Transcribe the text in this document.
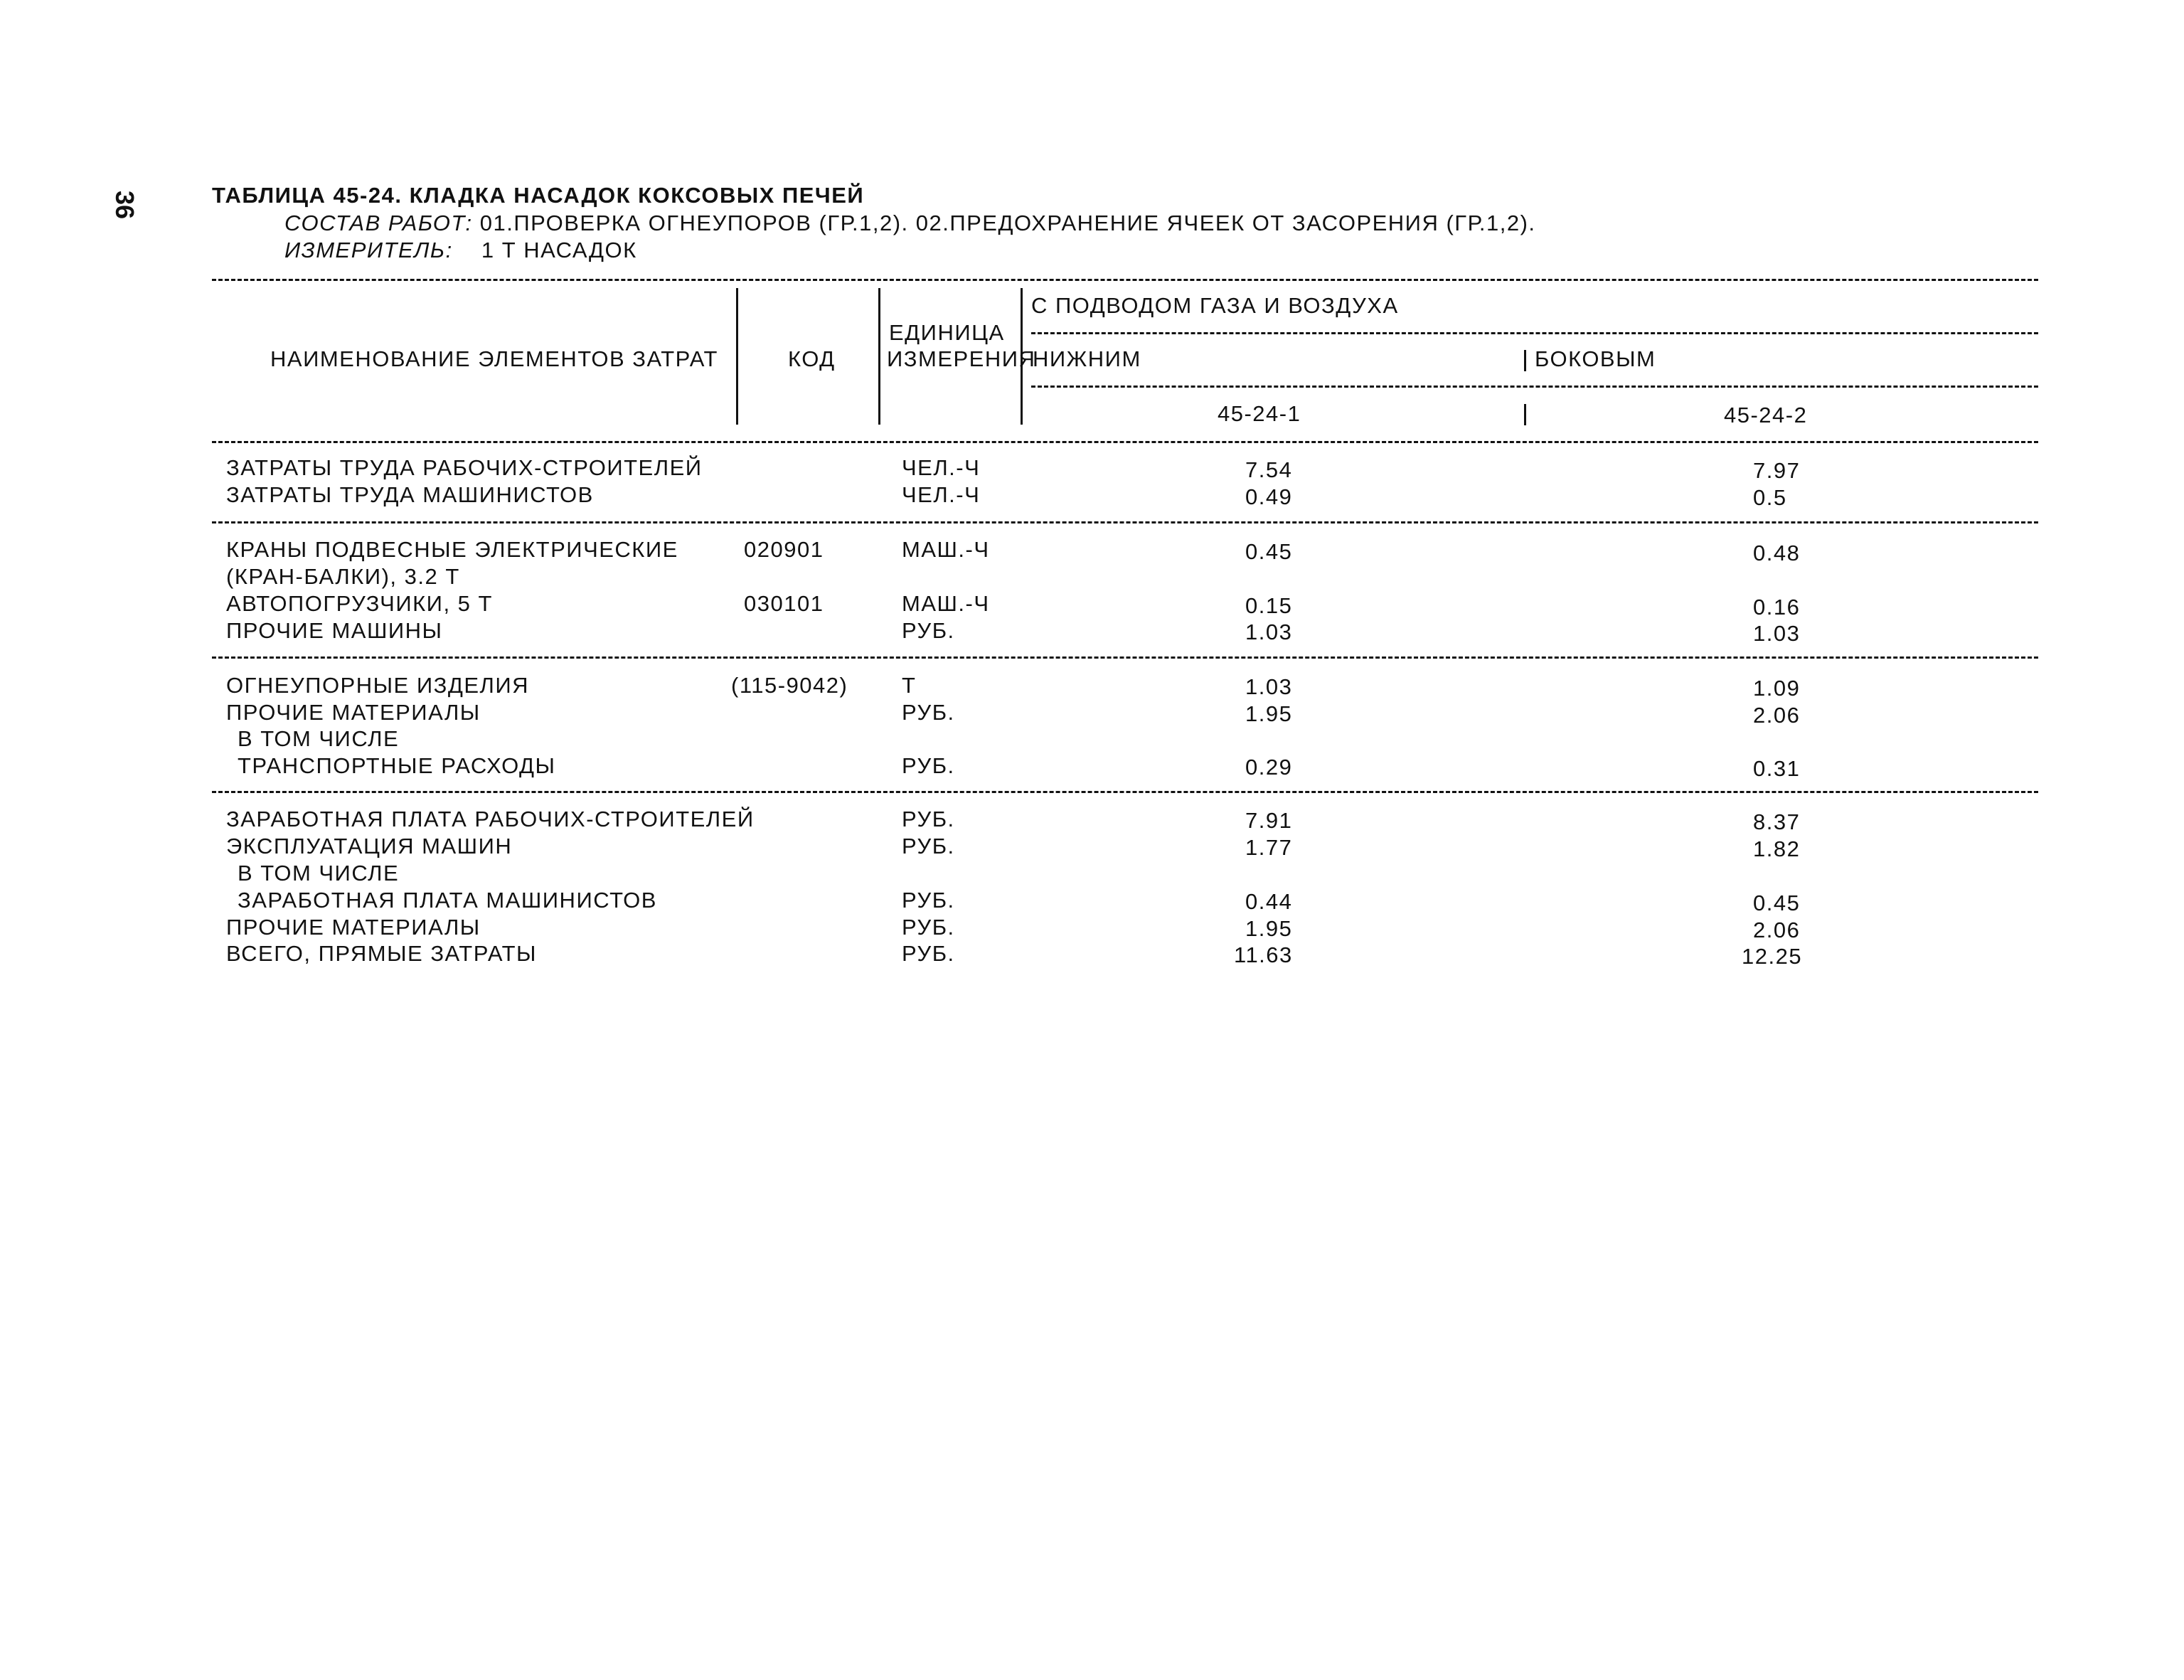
36	ТАБЛИЦА 45-24. КЛАДКА НАСАДОК КОКСОВЫХ ПЕЧЕЙ
СОСТАВ РАБОТ: 01.ПРОВЕРКА ОГНЕУПОРОВ (ГР.1,2). 02.ПРЕДОХРАНЕНИЕ ЯЧЕЕК ОТ ЗАСОРЕНИЯ (ГР.1,2).
ИЗМЕРИТЕЛЬ: 1 Т НАСАДОК
НАИМЕНОВАНИЕ ЭЛЕМЕНТОВ ЗАТРАТ	КОД
ЕДИНИЦА
ИЗМЕРЕНИЯ
С ПОДВОДОМ ГАЗА И ВОЗДУХА
НИЖНИМ	БОКОВЫМ
45-24-1	45-24-2
ЗАТРАТЫ ТРУДА РАБОЧИХ-СТРОИТЕЛЕЙ	ЧЕЛ.-Ч	7.54	7.97
ЗАТРАТЫ ТРУДА МАШИНИСТОВ	ЧЕЛ.-Ч	0.49	0.5
КРАНЫ ПОДВЕСНЫЕ ЭЛЕКТРИЧЕСКИЕ	020901	МАШ.-Ч	0.45	0.48
(КРАН-БАЛКИ), 3.2 Т
АВТОПОГРУЗЧИКИ, 5 Т	030101	МАШ.-Ч	0.15	0.16
ПРОЧИЕ МАШИНЫ	РУБ.	1.03	1.03
ОГНЕУПОРНЫЕ ИЗДЕЛИЯ	(115-9042) Т	1.03	1.09
ПРОЧИЕ МАТЕРИАЛЫ	РУБ.	1.95	2.06
В ТОМ ЧИСЛЕ
ТРАНСПОРТНЫЕ РАСХОДЫ	РУБ.	0.29	0.31
ЗАРАБОТНАЯ ПЛАТА РАБОЧИХ-СТРОИТЕЛЕЙ	РУБ.	7.91	8.37
ЭКСПЛУАТАЦИЯ МАШИН	РУБ.	1.77	1.82
В ТОМ ЧИСЛЕ
ЗАРАБОТНАЯ ПЛАТА МАШИНИСТОВ	РУБ.	0.44	0.45
ПРОЧИЕ МАТЕРИАЛЫ	РУБ.	1.95	2.06
ВСЕГО, ПРЯМЫЕ ЗАТРАТЫ	РУБ.	11.63	12.25
